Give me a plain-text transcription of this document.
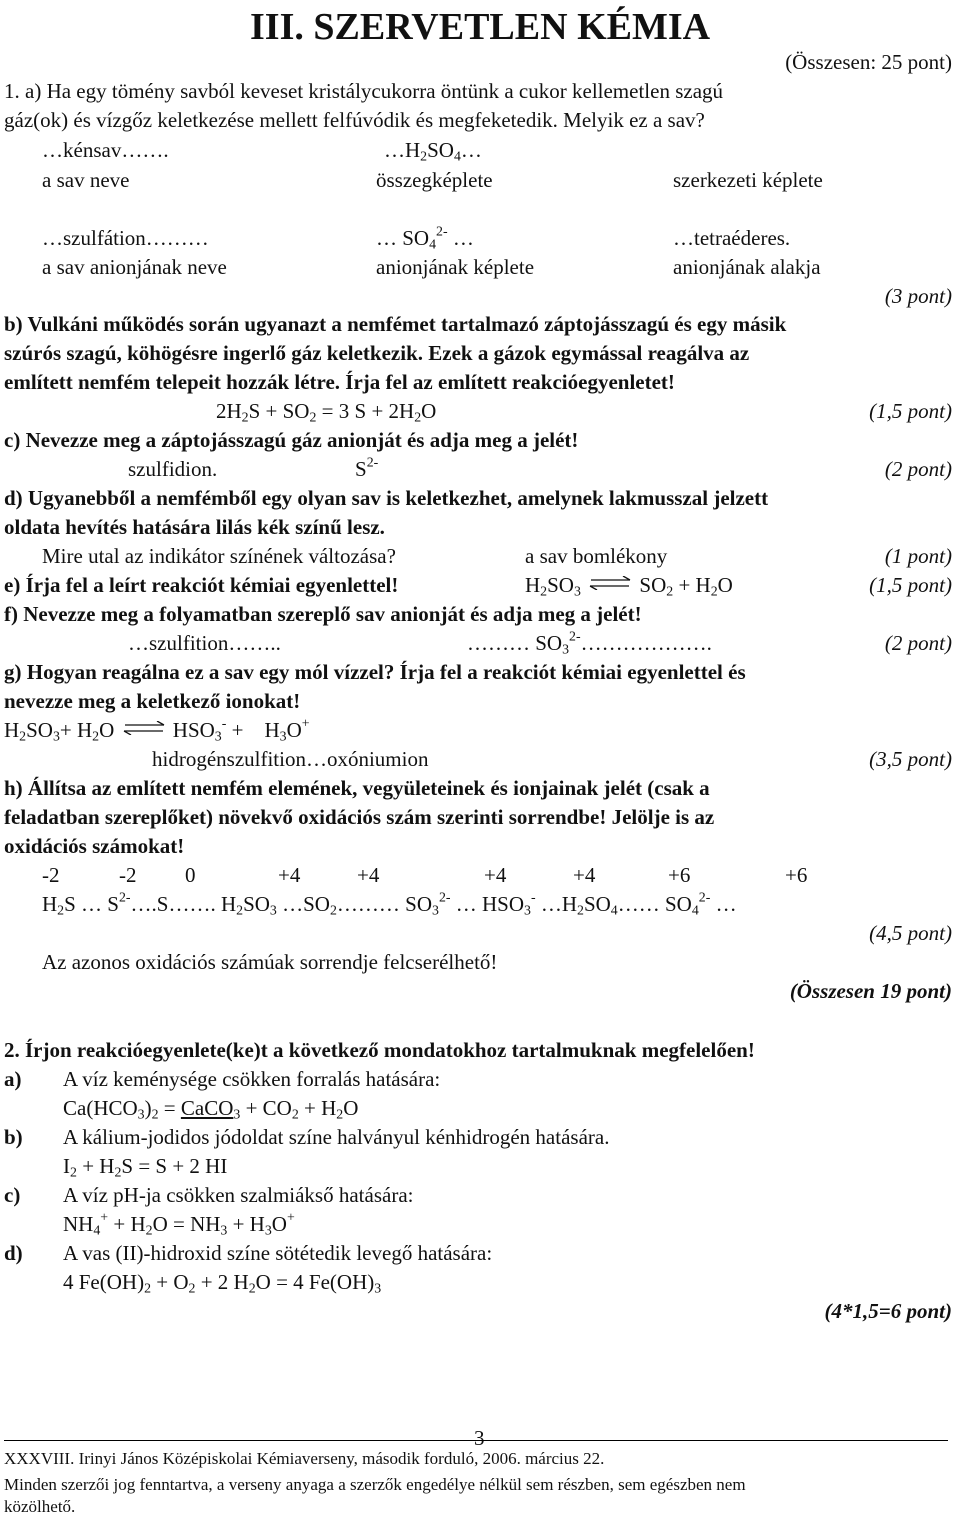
III. SZERVETLEN KÉMIA
(Összesen: 25 pont)
1. a) Ha egy tömény savból keveset kristálycukorra öntünk a cukor kellemetlen szagú
gáz(ok) és vízgőz keletkezése mellett felfúvódik és megfeketedik. Melyik ez a sav?
…kénsav…….	$\dots H_2SO_4\dots$
a sav neve	összegképlete	szerkezeti képlete
…szulfátion………	… $SO_4^{2-}$ …	…tetraéderes.
a sav anionjának neve	anionjának képlete	anionjának alakja
(3 pont)
b) Vulkáni működés során ugyanazt a nemfémet tartalmazó záptojásszagú és egy másik
szúrós szagú, köhögésre ingerlő gáz keletkezik. Ezek a gázok egymással reagálva az
említett nemfém telepeit hozzák létre. Írja fel az említett reakcióegyenletet!
$2H_2S + SO_2 = 3$ $S + 2H_2O$	(1,5 pont)
c) Nevezze meg a záptojásszagú gáz anionját és adja meg a jelét!
szulfidion.	$S^{2-}$	(2 pont)
d) Ugyanebből a nemfémből egy olyan sav is keletkezhet, amelynek lakmusszal jelzett
oldata hevítés hatására lilás kék színű lesz.
Mire utal az indikátor színének változása?	a sav bomlékony	(1 pont)
e) Írja fel a leírt reakciót kémiai egyenlettel!	$H_2SO_3$ ⇌ $SO_2 + H_2O$	(1,5 pont)
f) Nevezze meg a folyamatban szereplő sav anionját és adja meg a jelét!
…szulfition……..	……… $SO_3^{2-}\dots\dots\dots\dots\dots\dots$.	(2 pont)
g) Hogyan reagálna ez a sav egy mól vízzel? Írja fel a reakciót kémiai egyenlettel és
nevezze meg a keletkező ionokat!
$H_2SO_3+ H_2O$ ⇌ $HSO_3^-$ +    $H_3O^+$
hidrogénszulfition…oxóniumion	(3,5 pont)
h) Állítsa az említett nemfém elemének, vegyületeinek és ionjainak jelét (csak a
feladatban szereplőket) növekvő oxidációs szám szerinti sorrendbe! Jelölje is az
oxidációs számokat!
-2	-2 0	+4	+4	+4	+4	+6	+6
$H_2S$ … $S^{2-}\dots.S\dots\dots$. $H_2SO_3$ $\dots SO_2\dots\dots\dots$ $SO_3^{2-}$ … $HSO_3^-$ $\dots H_2SO_4\dots\dots$ $SO_4^{2-}$ …
(4,5 pont)
Az azonos oxidációs számúak sorrendje felcserélhető!
(Összesen 19 pont)
2. Írjon reakcióegyenlete(ke)t a következő mondatokhoz tartalmuknak megfelelően!
a) A víz keménysége csökken forralás hatására:
$Ca(HCO_3)_2$ = CaCO$_3$ + $CO_2 + H_2O$
b) A kálium-jodidos jódoldat színe halványul kénhidrogén hatására.
$I_2 + H_2S = S + 2$ HI
c) A víz pH-ja csökken szalmiákső hatására:
$NH_4^+ + H_2O = NH_3 + H_3O^+$
d) A vas (II)-hidroxid színe sötétedik levegő hatására:
4 $Fe(OH)_2 + O_2 + 2$ $H_2O = 4$ $Fe(OH)_3$
(4*1,5=6 pont)
3
XXXVIII. Irinyi János Középiskolai Kémiaverseny, második forduló, 2006. március 22.
Minden szerzői jog fenntartva, a verseny anyaga a szerzők engedélye nélkül sem részben, sem egészben nem
közölhető.
